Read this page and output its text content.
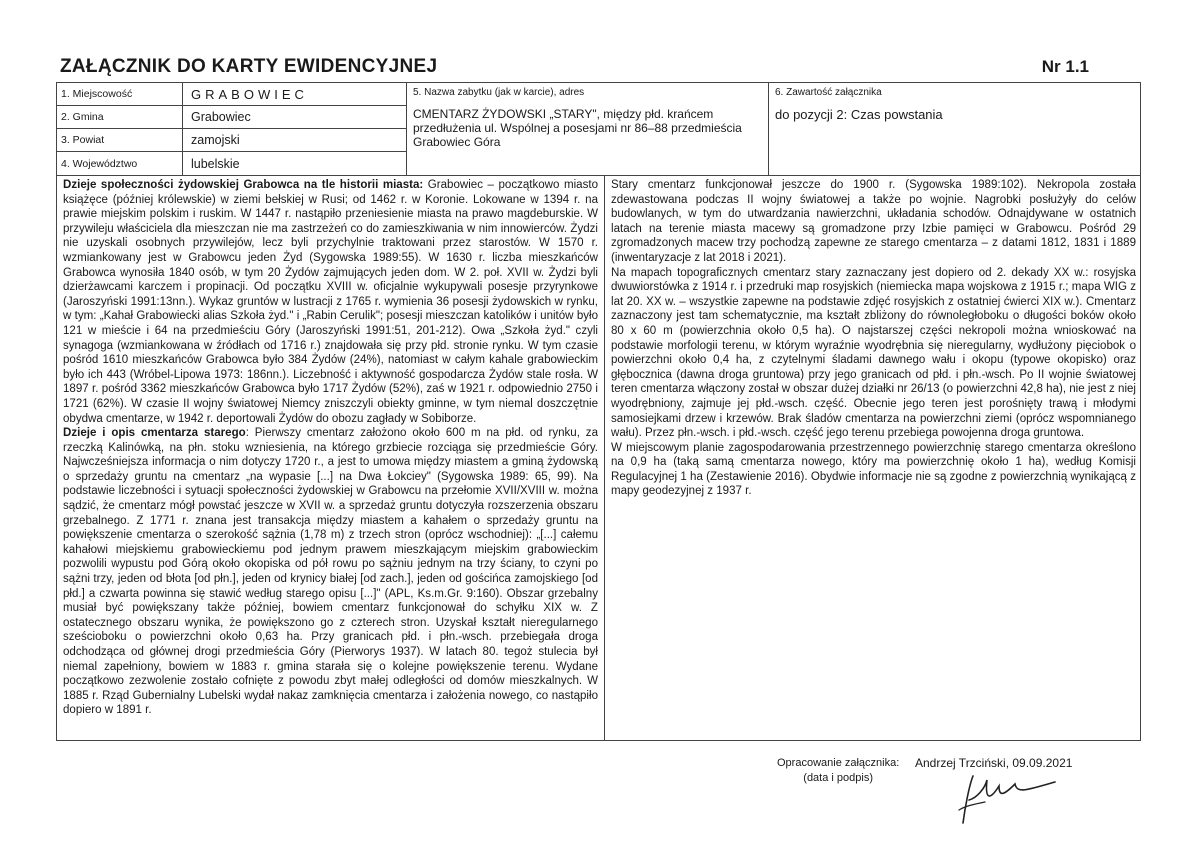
ZAŁĄCZNIK DO KARTY EWIDENCYJNEJ	Nr 1.1
1. Miejscowość	GRABOWIEC
2. Gmina	Grabowiec
3. Powiat	zamojski
4. Województwo	lubelskie
5. Nazwa zabytku (jak w karcie), adres
CMENTARZ ŻYDOWSKI „STARY", między płd. krańcem przedłużenia ul. Wspólnej a posesjami nr 86–88 przedmieścia Grabowiec Góra
6. Zawartość załącznika
do pozycji 2: Czas powstania

Dzieje społeczności żydowskiej Grabowca na tle historii miasta: Grabowiec – początkowo miasto książęce (później królewskie) w ziemi bełskiej w Rusi; od 1462 r. w Koronie. Lokowane w 1394 r. na prawie miejskim polskim i ruskim. W 1447 r. nastąpiło przeniesienie miasta na prawo magdeburskie. W przywileju właściciela dla mieszczan nie ma zastrzeżeń co do zamieszkiwania w nim innowierców. Żydzi nie uzyskali osobnych przywilejów, lecz byli przychylnie traktowani przez starostów. W 1570 r. wzmiankowany jest w Grabowcu jeden Żyd (Sygowska 1989:55). W 1630 r. liczba mieszkańców Grabowca wynosiła 1840 osób, w tym 20 Żydów zajmujących jeden dom. W 2. poł. XVII w. Żydzi byli dzierżawcami karczem i propinacji. Od początku XVIII w. oficjalnie wykupywali posesje przyrynkowe (Jaroszyński 1991:13nn.). Wykaz gruntów w lustracji z 1765 r. wymienia 36 posesji żydowskich w rynku, w tym: „Kahał Grabowiecki alias Szkoła żyd." i „Rabin Cerulik"; posesji mieszczan katolików i unitów było 121 w mieście i 64 na przedmieściu Góry (Jaroszyński 1991:51, 201-212). Owa „Szkoła żyd." czyli synagoga (wzmiankowana w źródłach od 1716 r.) znajdowała się przy płd. stronie rynku. W tym czasie pośród 1610 mieszkańców Grabowca było 384 Żydów (24%), natomiast w całym kahale grabowieckim było ich 443 (Wróbel-Lipowa 1973: 186nn.). Liczebność i aktywność gospodarcza Żydów stale rosła. W 1897 r. pośród 3362 mieszkańców Grabowca było 1717 Żydów (52%), zaś w 1921 r. odpowiednio 2750 i 1721 (62%). W czasie II wojny światowej Niemcy zniszczyli obiekty gminne, w tym niemal doszczętnie obydwa cmentarze, w 1942 r. deportowali Żydów do obozu zagłady w Sobiborze.

Dzieje i opis cmentarza starego: Pierwszy cmentarz założono około 600 m na płd. od rynku, za rzeczką Kalinówką, na płn. stoku wzniesienia, na którego grzbiecie rozciąga się przedmieście Góry. Najwcześniejsza informacja o nim dotyczy 1720 r., a jest to umowa między miastem a gminą żydowską o sprzedaży gruntu na cmentarz „na wypasie [...] na Dwa Łokciey" (Sygowska 1989: 65, 99). Na podstawie liczebności i sytuacji społeczności żydowskiej w Grabowcu na przełomie XVII/XVIII w. można sądzić, że cmentarz mógł powstać jeszcze w XVII w. a sprzedaż gruntu dotyczyła rozszerzenia obszaru grzebalnego. Z 1771 r. znana jest transakcja między miastem a kahałem o sprzedaży gruntu na powiększenie cmentarza o szerokość sążnia (1,78 m) z trzech stron (oprócz wschodniej): „[...] całemu kahałowi miejskiemu grabowieckiemu pod jednym prawem mieszkającym miejskim grabowieckim pozwolili wypustu pod Górą około okopiska od pół rowu po sążniu jednym na trzy ściany, to czyni po sążni trzy, jeden od błota [od płn.], jeden od krynicy białej [od zach.], jeden od gościńca zamojskiego [od płd.] a czwarta powinna się stawić według starego opisu [...]" (APL, Ks.m.Gr. 9:160). Obszar grzebalny musiał być powiększany także później, bowiem cmentarz funkcjonował do schyłku XIX w. Z ostatecznego obszaru wynika, że powiększono go z czterech stron. Uzyskał kształt nieregularnego sześcioboku o powierzchni około 0,63 ha. Przy granicach płd. i płn.-wsch. przebiegała droga odchodząca od głównej drogi przedmieścia Góry (Pierworys 1937). W latach 80. tegoż stulecia był niemal zapełniony, bowiem w 1883 r. gmina starała się o kolejne powiększenie terenu. Wydane początkowo zezwolenie zostało cofnięte z powodu zbyt małej odległości od domów mieszkalnych. W 1885 r. Rząd Gubernialny Lubelski wydał nakaz zamknięcia cmentarza i założenia nowego, co nastąpiło dopiero w 1891 r.

Stary cmentarz funkcjonował jeszcze do 1900 r. (Sygowska 1989:102). Nekropola została zdewastowana podczas II wojny światowej a także po wojnie. Nagrobki posłużyły do celów budowlanych, w tym do utwardzania nawierzchni, układania schodów. Odnajdywane w ostatnich latach na terenie miasta macewy są gromadzone przy Izbie pamięci w Grabowcu. Pośród 29 zgromadzonych macew trzy pochodzą zapewne ze starego cmentarza – z datami 1812, 1831 i 1889 (inwentaryzacje z lat 2018 i 2021).

Na mapach topograficznych cmentarz stary zaznaczany jest dopiero od 2. dekady XX w.: rosyjska dwuwiorstówka z 1914 r. i przedruki map rosyjskich (niemiecka mapa wojskowa z 1915 r.; mapa WIG z lat 20. XX w. – wszystkie zapewne na podstawie zdjęć rosyjskich z ostatniej ćwierci XIX w.). Cmentarz zaznaczony jest tam schematycznie, ma kształt zbliżony do równoległoboku o długości boków około 80 x 60 m (powierzchnia około 0,5 ha). O najstarszej części nekropoli można wnioskować na podstawie morfologii terenu, w którym wyraźnie wyodrębnia się nieregularny, wydłużony pięciobok o powierzchni około 0,4 ha, z czytelnymi śladami dawnego wału i okopu (typowe okopisko) oraz głębocznica (dawna droga gruntowa) przy jego granicach od płd. i płn.-wsch. Po II wojnie światowej teren cmentarza włączony został w obszar dużej działki nr 26/13 (o powierzchni 42,8 ha), nie jest z niej wyodrębniony, zajmuje jej płd.-wsch. część. Obecnie jego teren jest porośnięty trawą i młodymi samosiejkami drzew i krzewów. Brak śladów cmentarza na powierzchni ziemi (oprócz wspomnianego wału). Przez płn.-wsch. i płd.-wsch. część jego terenu przebiega powojenna droga gruntowa.

W miejscowym planie zagospodarowania przestrzennego powierzchnię starego cmentarza określono na 0,9 ha (taką samą cmentarza nowego, który ma powierzchnię około 1 ha), według Komisji Regulacyjnej 1 ha (Zestawienie 2016). Obydwie informacje nie są zgodne z powierzchnią wynikającą z mapy geodezyjnej z 1937 r.

Opracowanie załącznika:
(data i podpis)
Andrzej Trzciński, 09.09.2021
